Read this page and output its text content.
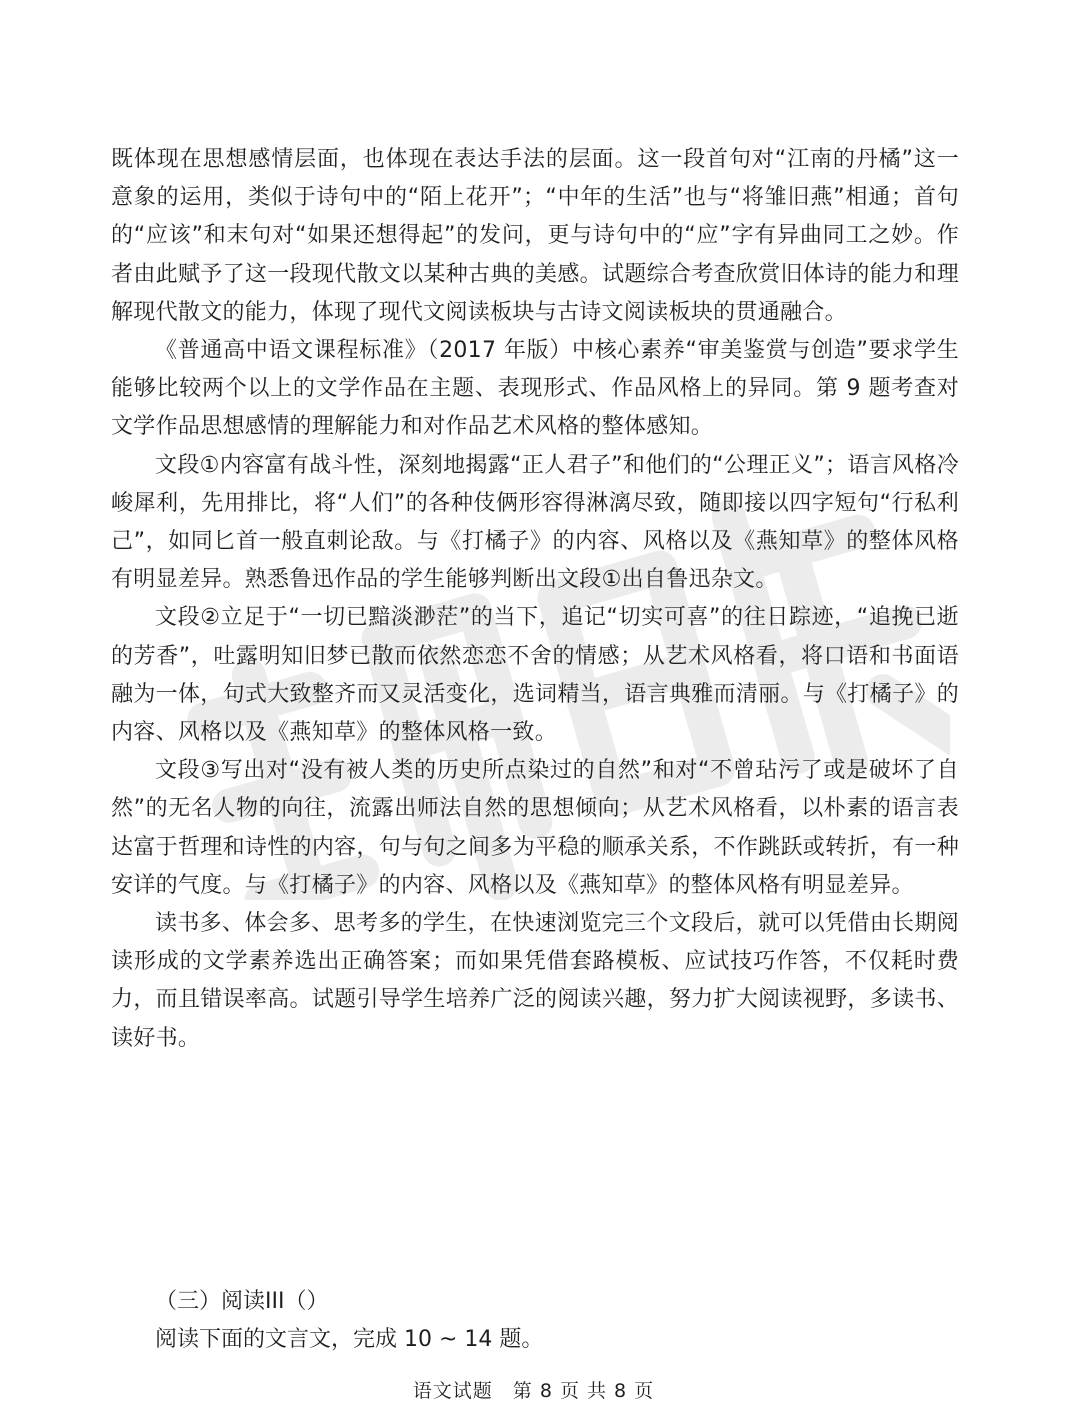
既体现在思想感情层面，也体现在表达手法的层面。这一段首句对“江南的丹橘”这一意象的运用，类似于诗句中的“陌上花开”；“中年的生活”也与“将雏旧燕”相通；首句的“应该”和末句对“如果还想得起”的发问，更与诗句中的“应”字有异曲同工之妙。作者由此赋予了这一段现代散文以某种古典的美感。试题综合考查欣赏旧体诗的能力和理解现代散文的能力，体现了现代文阅读板块与古诗文阅读板块的贯通融合。

《普通高中语文课程标准》（2017 年版）中核心素养“审美鉴赏与创造”要求学生能够比较两个以上的文学作品在主题、表现形式、作品风格上的异同。第 9 题考查对文学作品思想感情的理解能力和对作品艺术风格的整体感知。

文段①内容富有战斗性，深刻地揭露“正人君子”和他们的“公理正义”；语言风格冷峻犀利，先用排比，将“人们”的各种伎俩形容得淋漓尽致，随即接以四字短句“行私利己”，如同匕首一般直刺论敌。与《打橘子》的内容、风格以及《燕知草》的整体风格有明显差异。熟悉鲁迅作品的学生能够判断出文段①出自鲁迅杂文。

文段②立足于“一切已黯淡渺茫”的当下，追记“切实可喜”的往日踪迹，“追挽已逝的芳香”，吐露明知旧梦已散而依然恋恋不舍的情感；从艺术风格看，将口语和书面语融为一体，句式大致整齐而又灵活变化，选词精当，语言典雅而清丽。与《打橘子》的内容、风格以及《燕知草》的整体风格一致。

文段③写出对“没有被人类的历史所点染过的自然”和对“不曾玷污了或是破坏了自然”的无名人物的向往，流露出师法自然的思想倾向；从艺术风格看，以朴素的语言表达富于哲理和诗性的内容，句与句之间多为平稳的顺承关系，不作跳跃或转折，有一种安详的气度。与《打橘子》的内容、风格以及《燕知草》的整体风格有明显差异。

读书多、体会多、思考多的学生，在快速浏览完三个文段后，就可以凭借由长期阅读形成的文学素养选出正确答案；而如果凭借套路模板、应试技巧作答，不仅耗时费力，而且错误率高。试题引导学生培养广泛的阅读兴趣，努力扩大阅读视野，多读书、读好书。

（三）阅读III（）
阅读下面的文言文，完成 10 ~ 14 题。
语文试题　第 8 页 共 8 页
